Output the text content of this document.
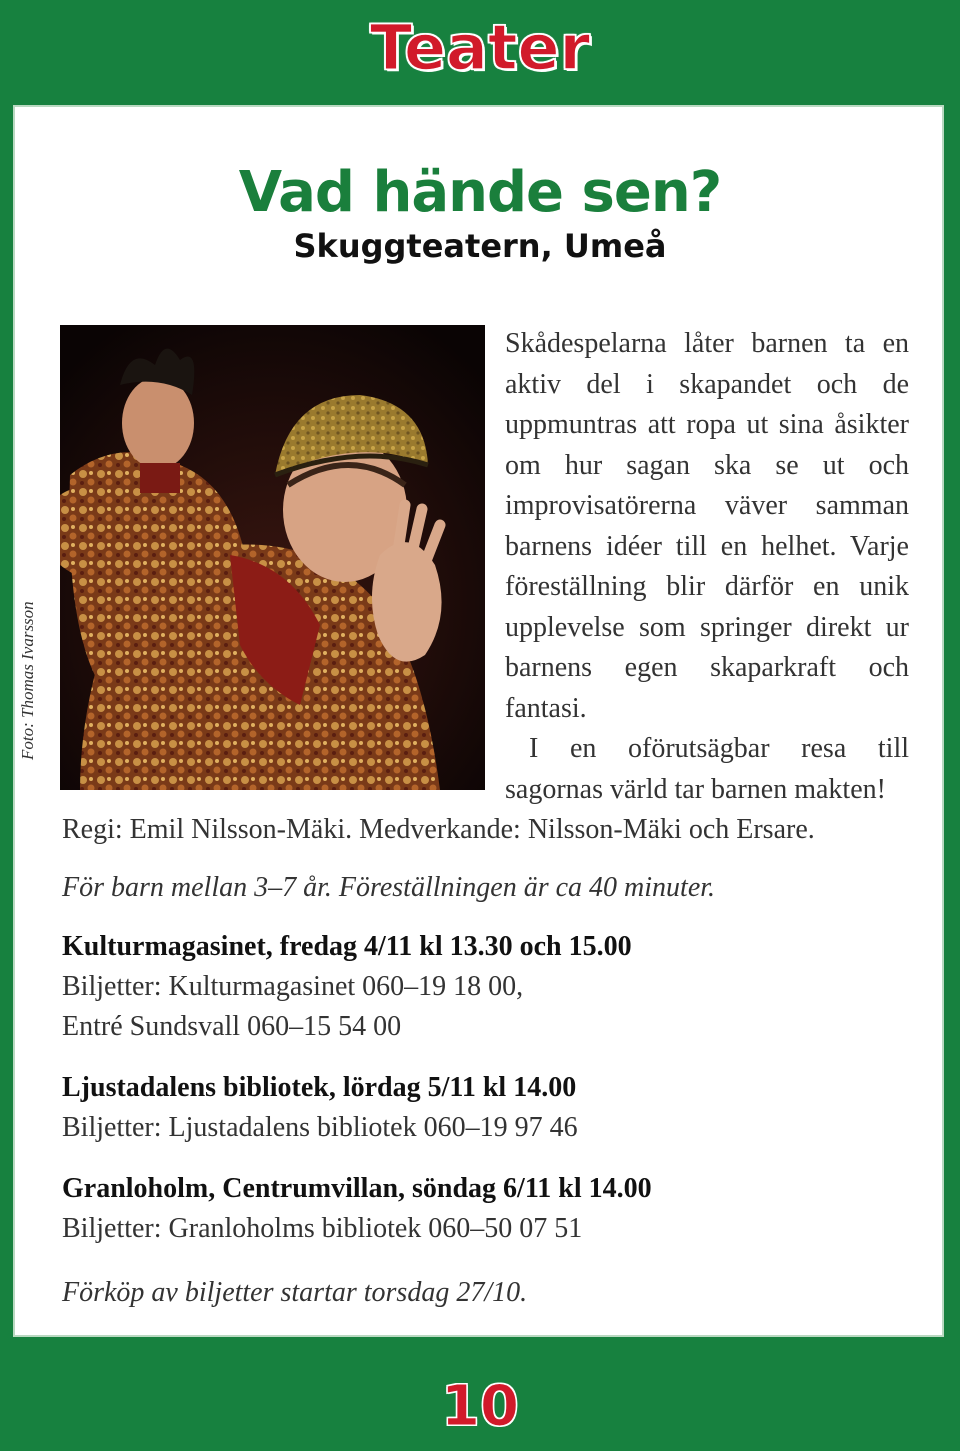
Teater
Vad hände sen?
Skuggteatern, Umeå
Foto: Thomas Ivarsson

Skådespelarna låter barnen ta en aktiv del i skapandet och de uppmuntras att ropa ut sina åsikter om hur sagan ska se ut och improvisatörerna väver samman barnens idéer till en helhet. Varje föreställning blir därför en unik upplevelse som springer direkt ur barnens egen skaparkraft och fantasi.

I en oförutsägbar resa till sagornas värld tar barnen makten!

Regi: Emil Nilsson-Mäki. Medverkande: Nilsson-Mäki och Ersare.
För barn mellan 3–7 år. Föreställningen är ca 40 minuter.
Kulturmagasinet, fredag 4/11 kl 13.30 och 15.00
Biljetter: Kulturmagasinet 060–19 18 00,
Entré Sundsvall 060–15 54 00
Ljustadalens bibliotek, lördag 5/11 kl 14.00
Biljetter: Ljustadalens bibliotek 060–19 97 46
Granloholm, Centrumvillan, söndag 6/11 kl 14.00
Biljetter: Granloholms bibliotek 060–50 07 51
Förköp av biljetter startar torsdag 27/10.
10
